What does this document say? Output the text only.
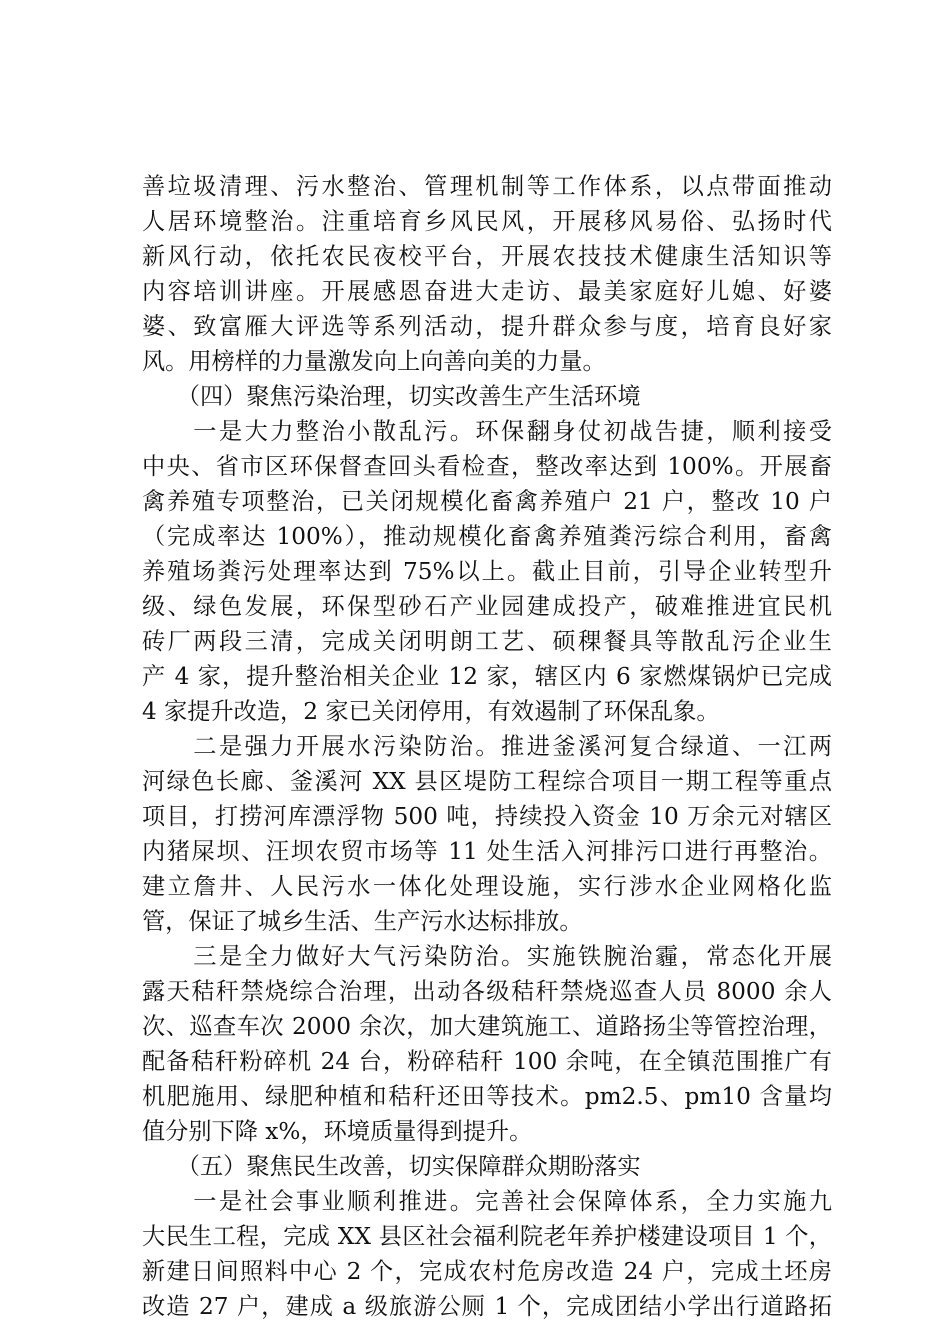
善垃圾清理、污水整治、管理机制等工作体系，以点带面推动
人居环境整治。注重培育乡风民风，开展移风易俗、弘扬时代
新风行动，依托农民夜校平台，开展农技技术健康生活知识等
内容培训讲座。开展感恩奋进大走访、最美家庭好儿媳、好婆
婆、致富雁大评选等系列活动，提升群众参与度，培育良好家
风。用榜样的力量激发向上向善向美的力量。
　　（四）聚焦污染治理，切实改善生产生活环境
　　一是大力整治小散乱污。环保翻身仗初战告捷，顺利接受
中央、省市区环保督查回头看检查，整改率达到 100%。开展畜
禽养殖专项整治，已关闭规模化畜禽养殖户 21 户，整改 10 户
（完成率达 100%），推动规模化畜禽养殖粪污综合利用，畜禽
养殖场粪污处理率达到 75%以上。截止目前，引导企业转型升
级、绿色发展，环保型砂石产业园建成投产，破难推进宜民机
砖厂两段三清，完成关闭明朗工艺、硕稞餐具等散乱污企业生
产 4 家，提升整治相关企业 12 家，辖区内 6 家燃煤锅炉已完成
4 家提升改造，2 家已关闭停用，有效遏制了环保乱象。
　　二是强力开展水污染防治。推进釜溪河复合绿道、一江两
河绿色长廊、釜溪河 XX 县区堤防工程综合项目一期工程等重点
项目，打捞河库漂浮物 500 吨，持续投入资金 10 万余元对辖区
内猪屎坝、汪坝农贸市场等 11 处生活入河排污口进行再整治。
建立詹井、人民污水一体化处理设施，实行涉水企业网格化监
管，保证了城乡生活、生产污水达标排放。
　　三是全力做好大气污染防治。实施铁腕治霾，常态化开展
露天秸秆禁烧综合治理，出动各级秸秆禁烧巡查人员 8000 余人
次、巡查车次 2000 余次，加大建筑施工、道路扬尘等管控治理，
配备秸秆粉碎机 24 台，粉碎秸秆 100 余吨，在全镇范围推广有
机肥施用、绿肥种植和秸秆还田等技术。pm2.5、pm10 含量均
值分别下降 x%，环境质量得到提升。
　　（五）聚焦民生改善，切实保障群众期盼落实
　　一是社会事业顺利推进。完善社会保障体系，全力实施九
大民生工程，完成 XX 县区社会福利院老年养护楼建设项目 1 个，
新建日间照料中心 2 个，完成农村危房改造 24 户，完成土坯房
改造 27 户，建成 a 级旅游公厕 1 个，完成团结小学出行道路拓
